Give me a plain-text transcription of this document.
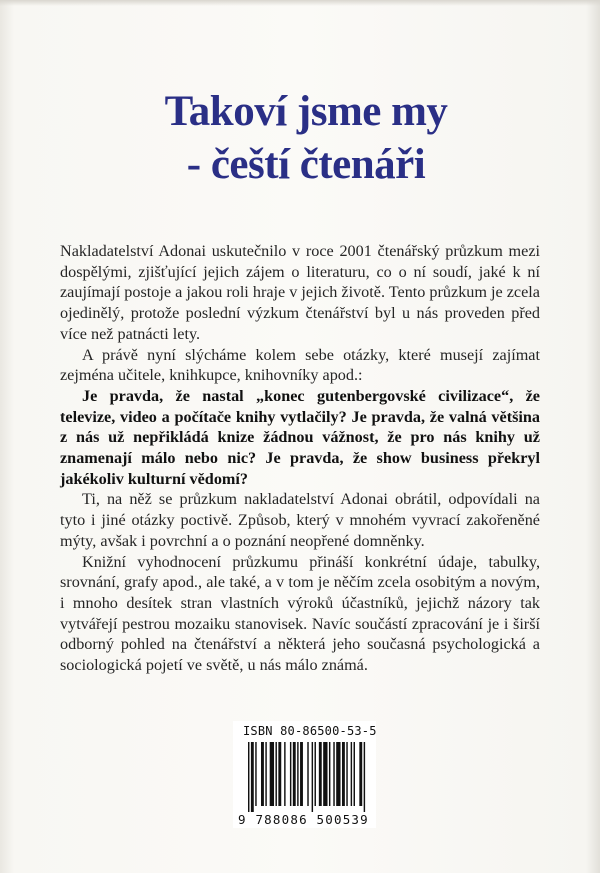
Takoví jsme my
- čeští čtenáři

Nakladatelství Adonai uskutečnilo v roce 2001 čtenářský průzkum mezi dospělými, zjišťující jejich zájem o literaturu, co o ní soudí, jaké k ní zaujímají postoje a jakou roli hraje v jejich životě. Tento průzkum je zcela ojedinělý, protože poslední výzkum čtenářství byl u nás proveden před více než patnácti lety.

A právě nyní slýcháme kolem sebe otázky, které musejí zajímat zejména učitele, knihkupce, knihovníky apod.:

Je pravda, že nastal „konec gutenbergovské civilizace“, že televize, video a počítače knihy vytlačily? Je pravda, že valná většina z nás už nepřikládá knize žádnou vážnost, že pro nás knihy už znamenají málo nebo nic? Je pravda, že show business překryl jakékoliv kulturní vědomí?

Ti, na něž se průzkum nakladatelství Adonai obrátil, odpovídali na tyto i jiné otázky poctivě. Způsob, který v mnohém vyvrací zakořeněné mýty, avšak i povrchní a o poznání neopřené domněnky.

Knižní vyhodnocení průzkumu přináší konkrétní údaje, tabulky, srovnání, grafy apod., ale také, a v tom je něčím zcela osobitým a novým, i mnoho desítek stran vlastních výroků účastníků, jejichž názory tak vytvářejí pestrou mozaiku stanovisek. Navíc součástí zpracování je i širší odborný pohled na čtenářství a některá jeho současná psychologická a sociologická pojetí ve světě, u nás málo známá.

ISBN 80-86500-53-5
9 788086 500539
